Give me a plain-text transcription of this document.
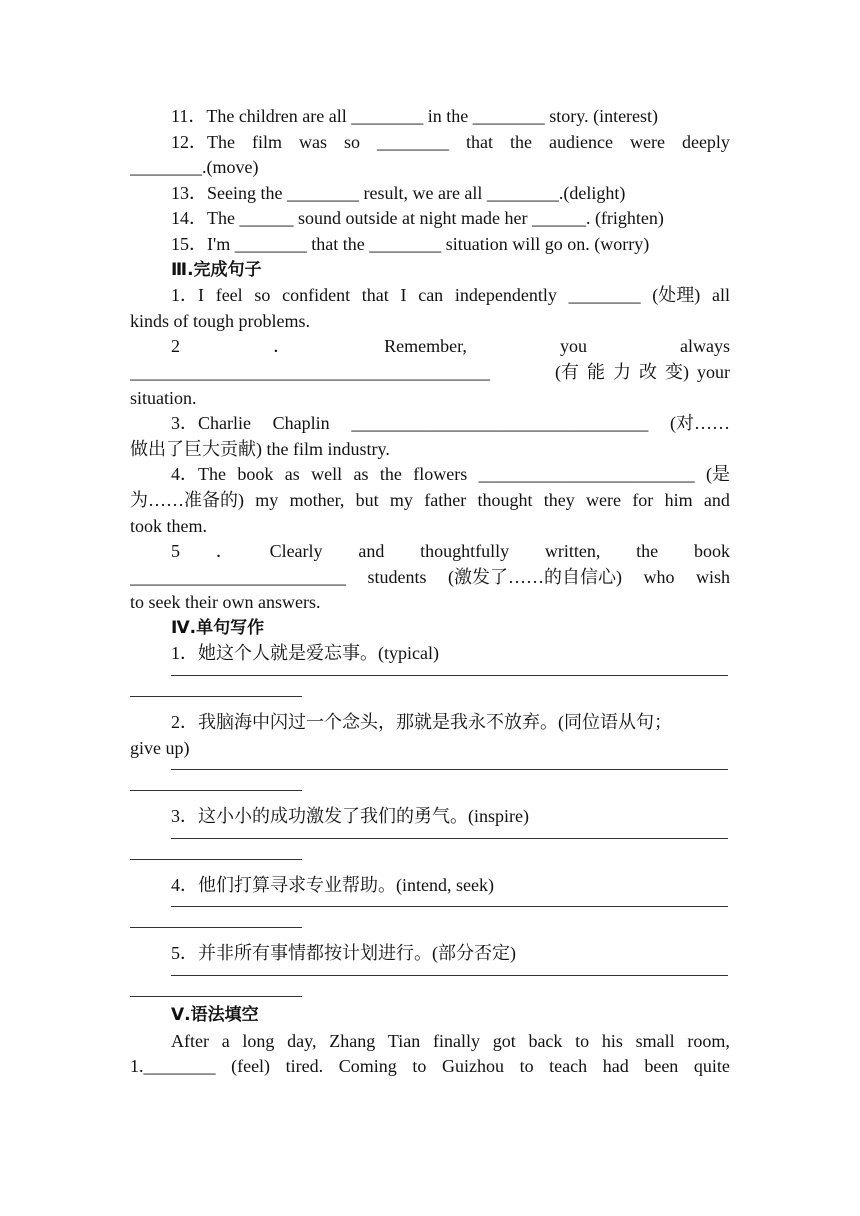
11．The children are all ________ in the ________ story. (interest)
12．The film was so ________ that the audience were deeply
________.(move)
13．Seeing the ________ result, we are all ________.(delight)
14．The ______ sound outside at night made her ______. (frighten)
15．I'm ________ that the ________ situation will go on. (worry)
Ⅲ.完成句子
1．I feel so confident that I can independently ________ (处理) all
kinds of tough problems.
2	．	Remember,	you	always
________________________________________	(有 能 力 改 变) your
situation.
3．Charlie Chaplin _________________________________ (对……
做出了巨大贡献) the film industry.
4．The book as well as the flowers ________________________ (是
为……准备的) my mother, but my father thought they were for him and
took them.
5 ． Clearly and thoughtfully written, the book
________________________ students (激发了……的自信心) who wish
to seek their own answers.
Ⅳ.单句写作
1．她这个人就是爱忘事。(typical)
2．我脑海中闪过一个念头，那就是我永不放弃。(同位语从句；
give up)
3．这小小的成功激发了我们的勇气。(inspire)
4．他们打算寻求专业帮助。(intend, seek)
5．并非所有事情都按计划进行。(部分否定)
Ⅴ.语法填空
After a long day, Zhang Tian finally got back to his small room,
1.________ (feel) tired. Coming to Guizhou to teach had been quite
